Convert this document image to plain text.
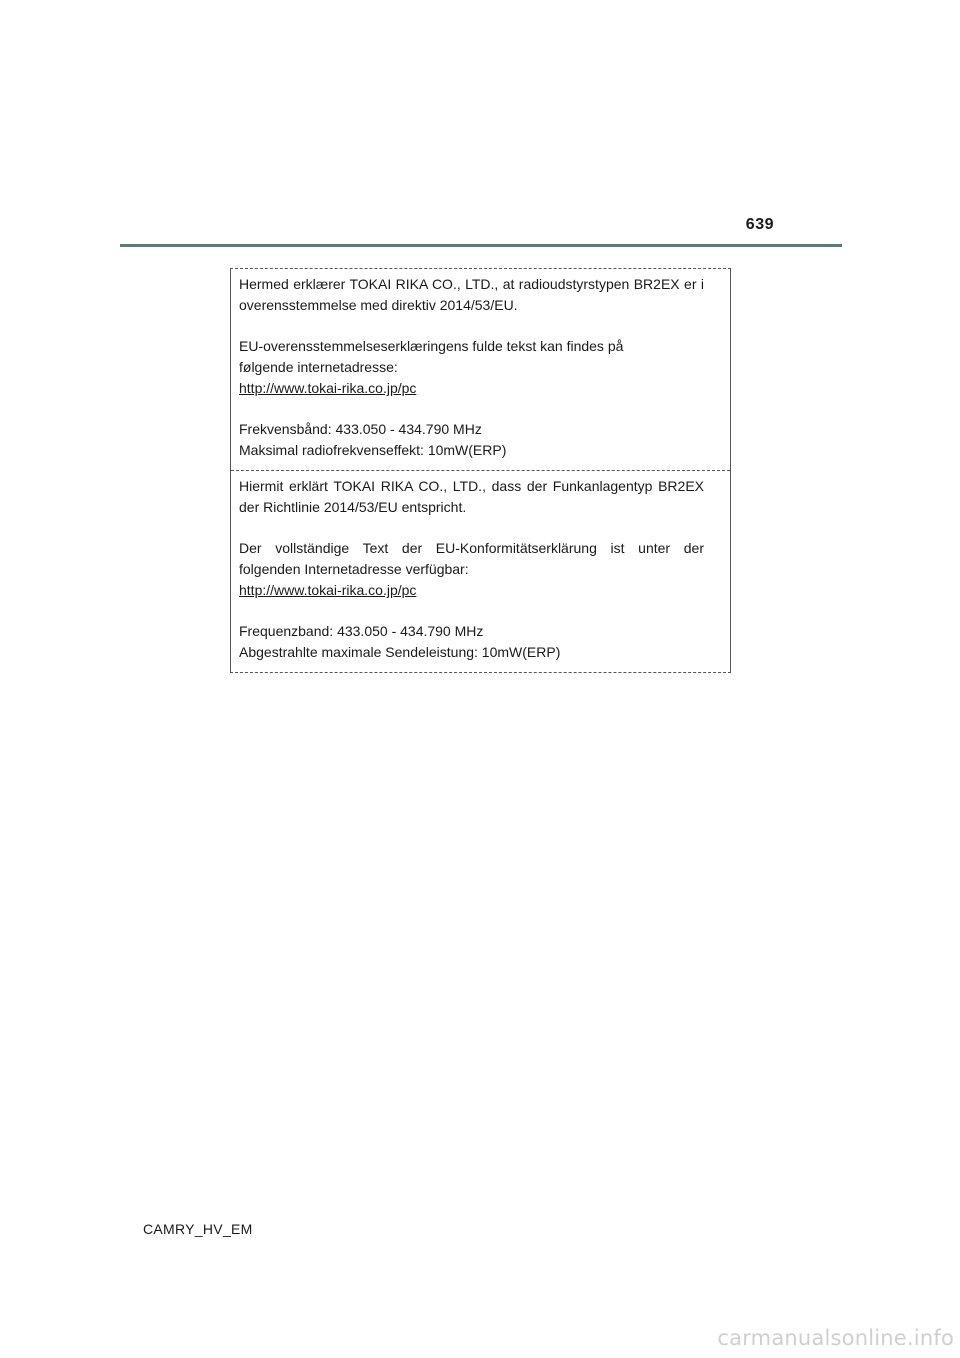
639

Hermed erklærer TOKAI RIKA CO., LTD., at radioudstyrstypen BR2EX er i overensstemmelse med direktiv 2014/53/EU.

EU-overensstemmelseserklæringens fulde tekst kan findes på
følgende internetadresse:
http://www.tokai-rika.co.jp/pc

Frekvensbånd: 433.050 - 434.790 MHz
Maksimal radiofrekvenseffekt: 10mW(ERP)

Hiermit erklärt TOKAI RIKA CO., LTD., dass der Funkanlagentyp BR2EX der Richtlinie 2014/53/EU entspricht.

Der vollständige Text der EU-Konformitätserklärung ist unter der
folgenden Internetadresse verfügbar:
http://www.tokai-rika.co.jp/pc

Frequenzband: 433.050 - 434.790 MHz
Abgestrahlte maximale Sendeleistung: 10mW(ERP)

CAMRY_HV_EM
carmanualsonline.info
